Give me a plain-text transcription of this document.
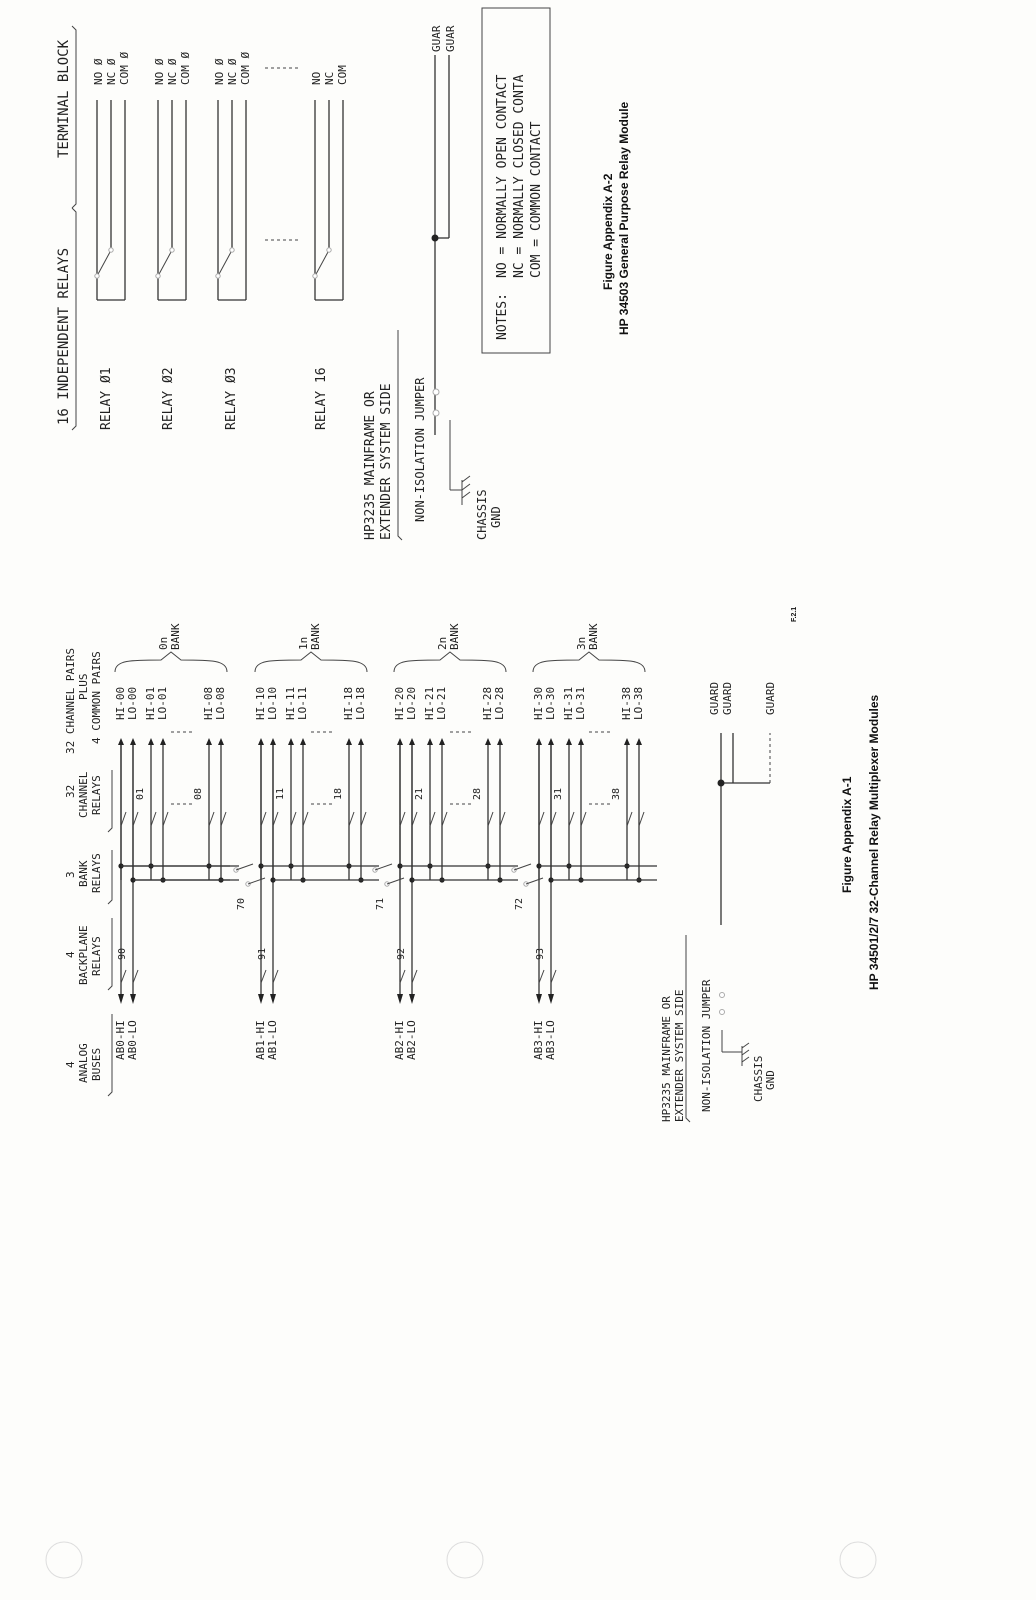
TERMINAL BLOCK
16 INDEPENDENT RELAYS RELAY Ø1	RELAY Ø2	RELAY Ø3	RELAY 16
NO Ø NC Ø COM Ø NO Ø NC Ø COM Ø NO Ø NC Ø COM Ø	NO NC COM
GUAR GUAR
HP3235 MAINFRAME OR EXTENDER SYSTEM SIDE NON-ISOLATION JUMPER	CHASSIS GND
NOTES:
NO = NORMALLY OPEN CONTACT NC = NORMALLY CLOSED CONTA COM = COMMON CONTACT	Figure Appendix A-2 HP 34503 General Purpose Relay Module
4 ANALOG BUSES
4 BACKPLANE RELAYS
3 BANK RELAYS
32 CHANNEL RELAYS
32 CHANNEL PAIRS PLUS 4 COMMON PAIRS
90
AB0-HI AB0-LO
01	08
HI-00 LO-00 HI-01 LO-01	HI-08 LO-08
0n BANK
91
AB1-HI AB1-LO
11	18
HI-10 LO-10 HI-11 LO-11	HI-18 LO-18
1n BANK
70
92
AB2-HI AB2-LO
21	28
HI-20 LO-20 HI-21 LO-21	HI-28 LO-28
2n BANK
71
93
AB3-HI AB3-LO
31	38
HI-30 LO-30 HI-31 LO-31	HI-38 LO-38
3n BANK
72
GUARD GUARD	GUARD
HP3235 MAINFRAME OR EXTENDER SYSTEM SIDE NON-ISOLATION JUMPER	CHASSIS GND
F.2.1
Figure Appendix A-1 HP 34501/2/7 32-Channel Relay Multiplexer Modules
